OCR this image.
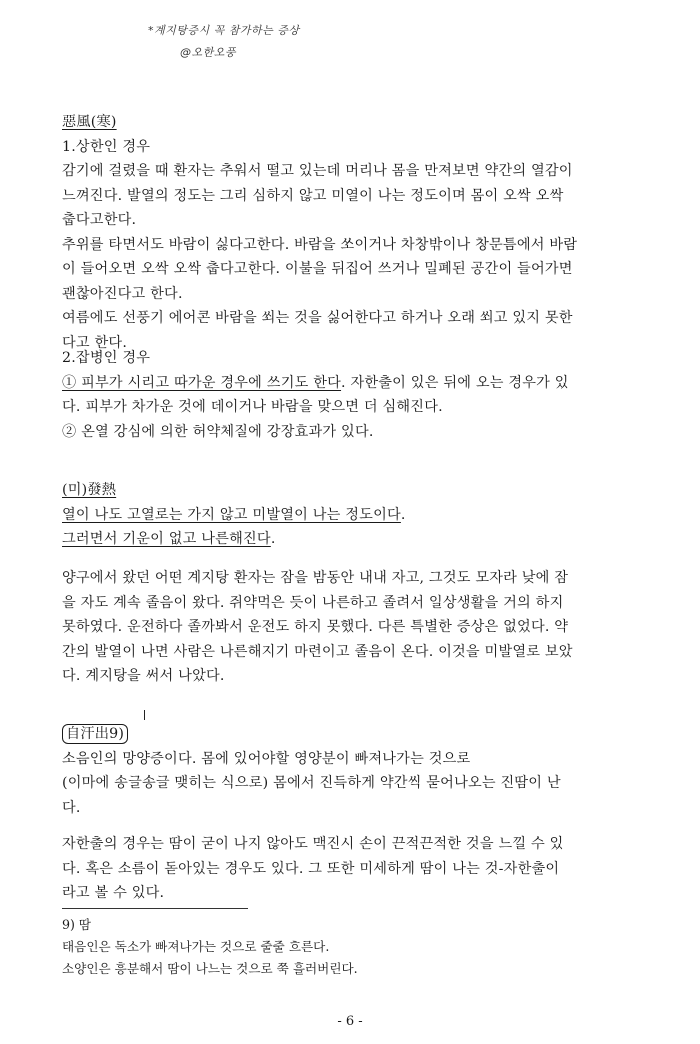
*계지탕증시 꼭 참가하는 증상
@오한오풍
惡風(寒)
1.상한인 경우
감기에 걸렸을 때 환자는 추워서 떨고 있는데 머리나 몸을 만져보면 약간의 열감이
느껴진다. 발열의 정도는 그리 심하지 않고 미열이 나는 정도이며 몸이 오싹 오싹
춥다고한다.
추위를 타면서도 바람이 싫다고한다. 바람을 쏘이거나 차창밖이나 창문틈에서 바람
이 들어오면 오싹 오싹 춥다고한다. 이불을 뒤집어 쓰거나 밀폐된 공간이 들어가면
괜찮아진다고 한다.
여름에도 선풍기 에어콘 바람을 쐬는 것을 싫어한다고 하거나 오래 쐬고 있지 못한
다고 한다.
2.잡병인 경우
① 피부가 시리고 따가운 경우에 쓰기도 한다. 자한출이 있은 뒤에 오는 경우가 있
다. 피부가 차가운 것에 데이거나 바람을 맞으면 더 심해진다.
② 온열 강심에 의한 허약체질에 강장효과가 있다.
(미)發熱
열이 나도 고열로는 가지 않고 미발열이 나는 정도이다.
그러면서 기운이 없고 나른해진다.
양구에서 왔던 어떤 계지탕 환자는 잠을 밤동안 내내 자고, 그것도 모자라 낮에 잠
을 자도 계속 졸음이 왔다. 쥐약먹은 듯이 나른하고 졸려서 일상생활을 거의 하지
못하였다. 운전하다 졸까봐서 운전도 하지 못했다. 다른 특별한 증상은 없었다. 약
간의 발열이 나면 사람은 나른해지기 마련이고 졸음이 온다. 이것을 미발열로 보았
다. 계지탕을 써서 나았다.
自汗出9)
소음인의 망양증이다. 몸에 있어야할 영양분이 빠져나가는 것으로
(이마에 송글송글 맺히는 식으로) 몸에서 진득하게 약간씩 묻어나오는 진땀이 난
다.
자한출의 경우는 땀이 굳이 나지 않아도 맥진시 손이 끈적끈적한 것을 느낄 수 있
다. 혹은 소름이 돋아있는 경우도 있다. 그 또한 미세하게 땀이 나는 것-자한출이
라고 볼 수 있다.
9) 땀
태음인은 독소가 빠져나가는 것으로 줄줄 흐른다.
소양인은 흥분해서 땀이 나느는 것으로 쭉 흘러버린다.
- 6 -
